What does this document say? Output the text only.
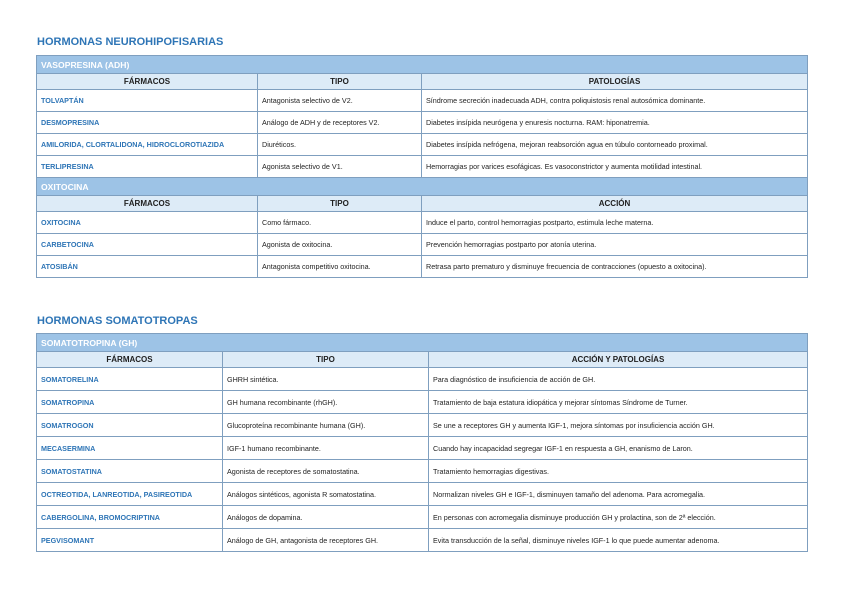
HORMONAS NEUROHIPOFISARIAS
VASOPRESINA (ADH)		
FÁRMACOS	TIPO	PATOLOGÍAS
TOLVAPTÁN	Antagonista selectivo de V2.	Síndrome secreción inadecuada ADH, contra poliquistosis renal autosómica dominante.
DESMOPRESINA	Análogo de ADH y de receptores V2.	Diabetes insípida neurógena y enuresis nocturna. RAM: hiponatremia.
AMILORIDA, CLORTALIDONA, HIDROCLOROTIAZIDA	Diuréticos.	Diabetes insípida nefrógena, mejoran reabsorción agua en túbulo contorneado proximal.
TERLIPRESINA	Agonista selectivo de V1.	Hemorragias por varices esofágicas. Es vasoconstrictor y aumenta motilidad intestinal.
OXITOCINA		
FÁRMACOS	TIPO	ACCIÓN
OXITOCINA	Como fármaco.	Induce el parto, control hemorragias postparto, estimula leche materna.
CARBETOCINA	Agonista de oxitocina.	Prevención hemorragias postparto por atonía uterina.
ATOSIBÁN	Antagonista competitivo oxitocina.	Retrasa parto prematuro y disminuye frecuencia de contracciones (opuesto a oxitocina).
HORMONAS SOMATOTROPAS
SOMATOTROPINA (GH)		
FÁRMACOS	TIPO	ACCIÓN Y PATOLOGÍAS
SOMATORELINA	GHRH sintética.	Para diagnóstico de insuficiencia de acción de GH.
SOMATROPINA	GH humana recombinante (rhGH).	Tratamiento de baja estatura idiopática y mejorar síntomas Síndrome de Turner.
SOMATROGON	Glucoproteína recombinante humana (GH).	Se une a receptores GH y aumenta IGF-1, mejora síntomas por insuficiencia acción GH.
MECASERMINA	IGF-1 humano recombinante.	Cuando hay incapacidad segregar IGF-1 en respuesta a GH, enanismo de Laron.
SOMATOSTATINA	Agonista de receptores de somatostatina.	Tratamiento hemorragias digestivas.
OCTREOTIDA, LANREOTIDA, PASIREOTIDA	Análogos sintéticos, agonista R somatostatina.	Normalizan niveles GH e IGF-1, disminuyen tamaño del adenoma. Para acromegalia.
CABERGOLINA, BROMOCRIPTINA	Análogos de dopamina.	En personas con acromegalia disminuye producción GH y prolactina, son de 2ª elección.
PEGVISOMANT	Análogo de GH, antagonista de receptores GH.	Evita transducción de la señal, disminuye niveles IGF-1 lo que puede aumentar adenoma.
